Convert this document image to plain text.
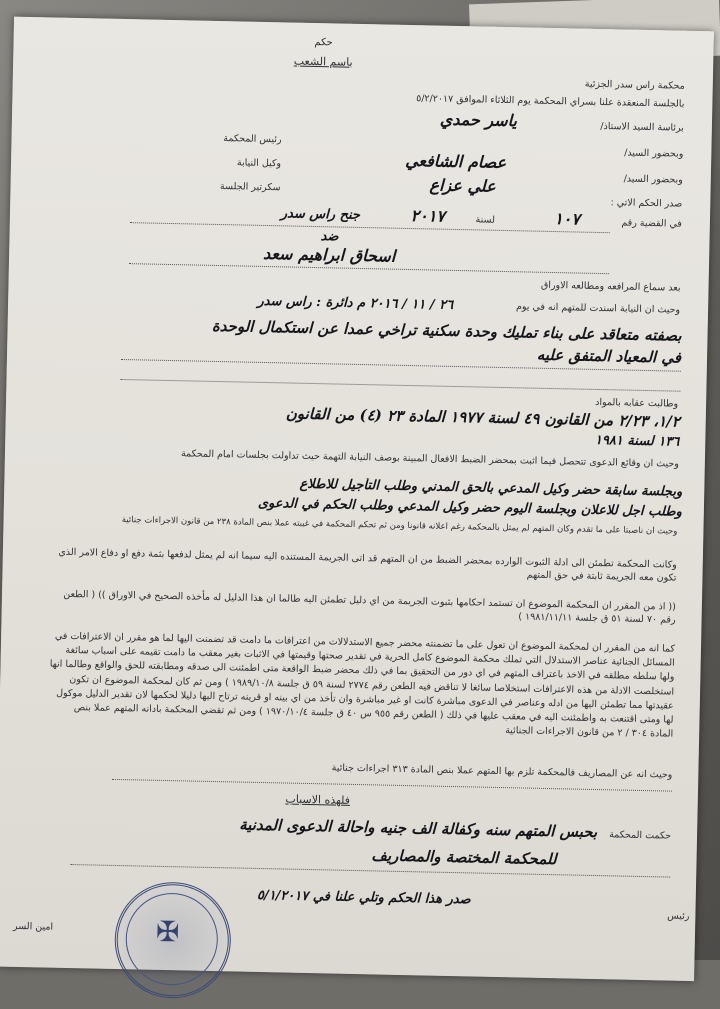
حكم
باسم الشعب
محكمة راس سدر الجزئية
بالجلسة المنعقدة علنا بسراي المحكمة يوم الثلاثاء الموافق ٥/٢/٢٠١٧
برئاسة السيد الاستاذ/
ياسر حمدي
رئيس المحكمة
وبحضور السيد/
عصام الشافعي
وكيل النيابة
وبحضور السيد/
علي عزاع
سكرتير الجلسة
صدر الحكم الاتي :
في القضية رقم
١٠٧
لسنة
٢٠١٧
جنح راس سدر
ضد
اسحاق ابراهيم سعد
بعد سماع المرافعه ومطالعه الاوراق
وحيث ان النيابة اسندت للمتهم انه في يوم
٢٦ / ١١ / ٢٠١٦ م دائرة : راس سدر
بصفته متعاقد على بناء تمليك وحدة سكنية تراخي عمدا عن استكمال الوحدة
في المعياد المتفق عليه
وطالبت عقابه بالمواد
١/٢، ٢/٢٣ من القانون ٤٩ لسنة ١٩٧٧ المادة ٢٣ (٤) من القانون
١٣٦ لسنة ١٩٨١
وحيث ان وقائع الدعوى تتحصل فيما اثبت بمحضر الضبط الافعال المبينة بوصف النيابة التهمة حيث تداولت بجلسات امام المحكمة
وبجلسة سابقة حضر وكيل المدعي بالحق المدني وطلب التأجيل للاطلاع
وطلب اجل للاعلان وبجلسة اليوم حضر وكيل المدعي وطلب الحكم في الدعوى
وحيث ان ناصبتا على ما تقدم وكان المتهم لم يمثل بالمحكمة رغم اعلانه قانونا ومن ثم تحكم المحكمة في غيبته عملا بنص المادة ٢٣٨ من قانون الاجراءات جنائية
وكانت المحكمة تطمئن الى ادلة الثبوت الوارده بمحضر الضبط من ان المتهم قد اتى الجريمة المستنده اليه سيما انه لم يمثل لدفعها بثمة دفع او دفاع الامر الذي تكون معه الجريمة ثابتة في حق المتهم
(( اذ من المقرر ان المحكمة الموضوع ان تستمد احكامها بثبوت الجريمة من اي دليل تطمئن اليه طالما ان هذا الدليل له مأخذه الصحيح في الاوراق )) ( الطعن رقم ٧٠ لسنة ٥١ ق جلسة ١٩٨١/١١/١١ )
كما انه من المقرر ان لمحكمة الموضوع ان تعول على ما تضمنته محضر جميع الاستدلالات من اعترافات ما دامت قد تضمنت اليها لما هو مقرر ان الاعترافات في المسائل الجنائية عناصر الاستدلال التي تملك محكمة الموضوع كامل الحرية في تقدير صحتها وقيمتها في الاثبات بغير معقب ما دامت تقيمه على اسباب سائغة ولها سلطه مطلقه في الاخذ باعتراف المتهم في اي دور من التحقيق بما في ذلك محضر ضبط الواقعة متى اطمئنت الى صدقه ومطابقته للحق والواقع وطالما انها استخلصت الادلة من هذه الاعترافات استخلاصا سائغا لا تناقض فيه الطعن رقم ٢٧٧٤ لسنة ٥٩ ق جلسة ١٩٨٩/١٠/٨ ) ومن ثم كان لمحكمة الموضوع ان تكون عقيدتها مما تطمئن اليها من ادله وعناصر في الدعوى مباشرة كانت او غير مباشرة وان تأخذ من اي بينه او قرينه ترتاح اليها دليلا لحكمها لان تقدير الدليل موكول لها ومتى اقتنعت به واطمئنت اليه في معقب عليها في ذلك ( الطعن رقم ٩٥٥ س ٤٠ ق جلسة ١٩٧٠/١٠/٤ ) ومن ثم تقضي المحكمة بادانه المتهم عملا بنص المادة ٣٠٤ / ٢ من قانون الاجراءات الجنائية
وحيث انه عن المصاريف فالمحكمة تلزم بها المتهم عملا بنص المادة ٣١٣ اجراءات جنائية
فلهذه الاسباب
حكمت المحكمة
بحبس المتهم سنه وكفالة الف جنيه واحالة الدعوى المدنية
للمحكمة المختصة والمصاريف
صدر هذا الحكم وتلي علنا في ٥/١/٢٠١٧
رئيس
امين السر	✠
